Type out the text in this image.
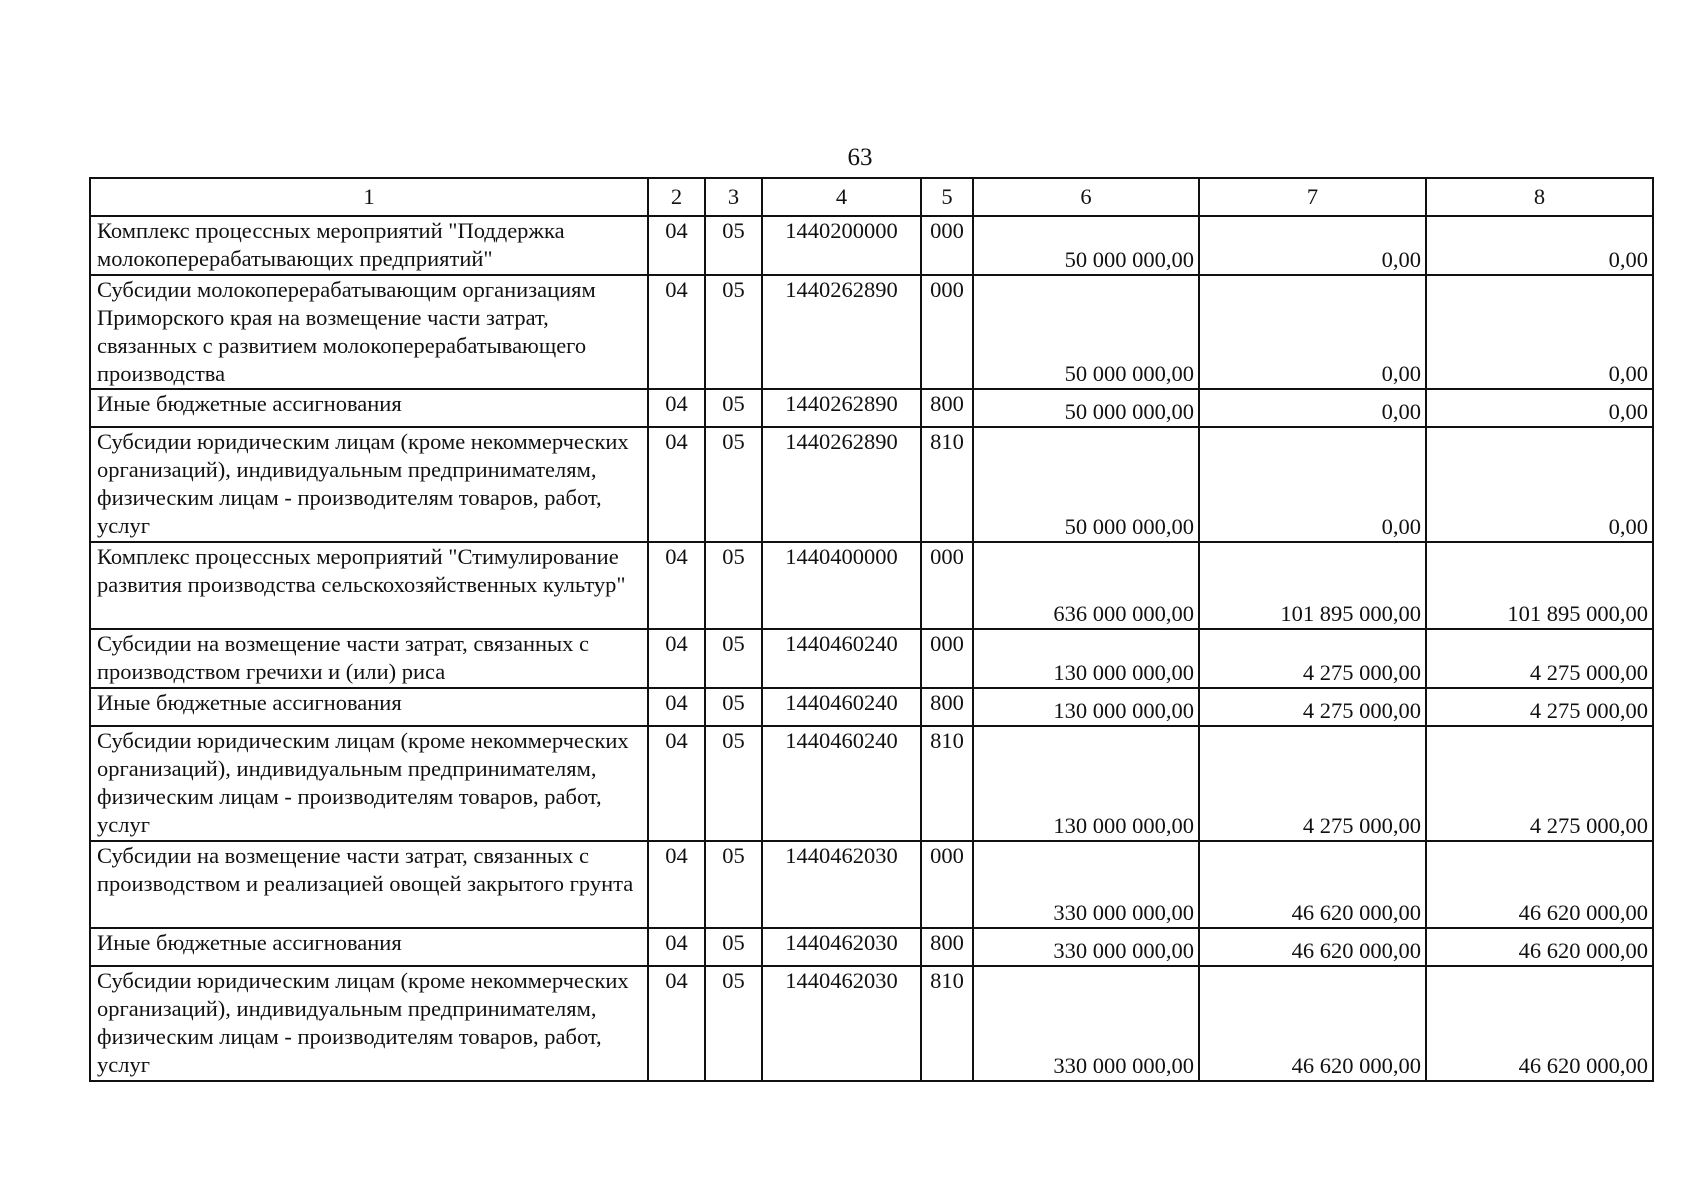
63
1	2	3	4	5	6	7	8
Комплекс процессных мероприятий "Поддержка молокоперерабатывающих предприятий"	04	05	1440200000	000	50 000 000,00	0,00	0,00
Субсидии молокоперерабатывающим организациям Приморского края на возмещение части затрат, связанных с развитием молокоперерабатывающего производства	04	05	1440262890	000	50 000 000,00	0,00	0,00
Иные бюджетные ассигнования	04	05	1440262890	800	50 000 000,00	0,00	0,00
Субсидии юридическим лицам (кроме некоммерческих организаций), индивидуальным предпринимателям, физическим лицам - производителям товаров, работ, услуг	04	05	1440262890	810	50 000 000,00	0,00	0,00
Комплекс процессных мероприятий "Стимулирование развития производства сельскохозяйственных культур"	04	05	1440400000	000	636 000 000,00	101 895 000,00	101 895 000,00
Субсидии на возмещение части затрат, связанных с производством гречихи и (или) риса	04	05	1440460240	000	130 000 000,00	4 275 000,00	4 275 000,00
Иные бюджетные ассигнования	04	05	1440460240	800	130 000 000,00	4 275 000,00	4 275 000,00
Субсидии юридическим лицам (кроме некоммерческих организаций), индивидуальным предпринимателям, физическим лицам - производителям товаров, работ, услуг	04	05	1440460240	810	130 000 000,00	4 275 000,00	4 275 000,00
Субсидии на возмещение части затрат, связанных с производством и реализацией овощей закрытого грунта	04	05	1440462030	000	330 000 000,00	46 620 000,00	46 620 000,00
Иные бюджетные ассигнования	04	05	1440462030	800	330 000 000,00	46 620 000,00	46 620 000,00
Субсидии юридическим лицам (кроме некоммерческих организаций), индивидуальным предпринимателям, физическим лицам - производителям товаров, работ, услуг	04	05	1440462030	810	330 000 000,00	46 620 000,00	46 620 000,00
